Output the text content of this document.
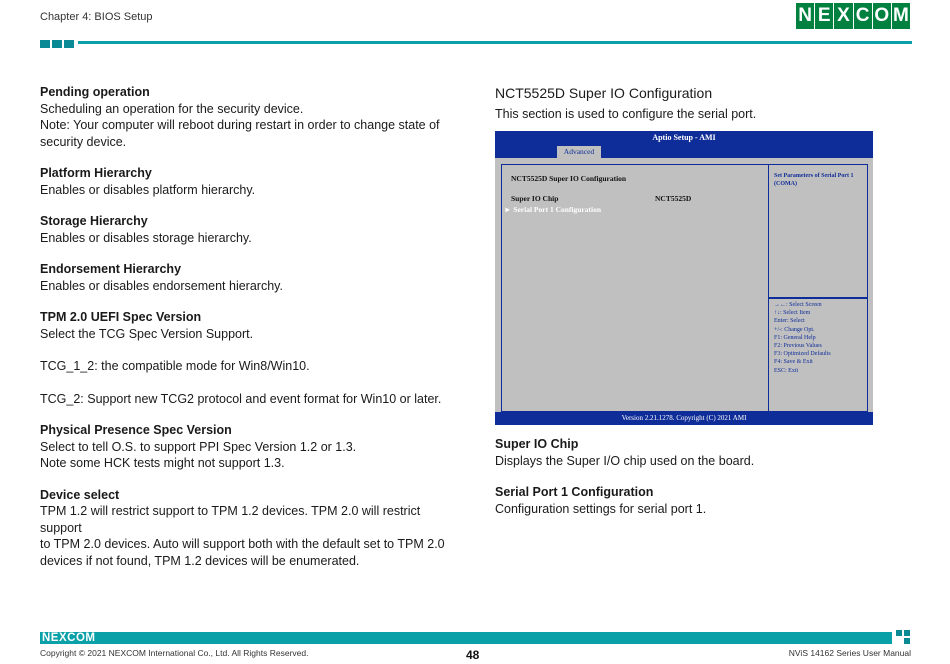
Chapter 4: BIOS Setup	N E X C O M
Pending operation
Scheduling an operation for the security device.
Note: Your computer will reboot during restart in order to change state of
security device.
Platform Hierarchy
Enables or disables platform hierarchy.
Storage Hierarchy
Enables or disables storage hierarchy.
Endorsement Hierarchy
Enables or disables endorsement hierarchy.
TPM 2.0 UEFI Spec Version
Select the TCG Spec Version Support.
TCG_1_2: the compatible mode for Win8/Win10.
TCG_2: Support new TCG2 protocol and event format for Win10 or later.
Physical Presence Spec Version
Select to tell O.S. to support PPI Spec Version 1.2 or 1.3.
Note some HCK tests might not support 1.3.
Device select
TPM 1.2 will restrict support to TPM 1.2 devices. TPM 2.0 will restrict support
to TPM 2.0 devices. Auto will support both with the default set to TPM 2.0
devices if not found, TPM 1.2 devices will be enumerated.
NCT5525D Super IO Configuration
This section is used to configure the serial port.
Aptio Setup - AMI
Advanced
NCT5525D Super IO Configuration
Super IO Chip	NCT5525D
► Serial Port 1 Configuration
Set Parameters of Serial Port 1 (COMA)
→←: Select Screen
↑↓: Select Item
Enter: Select
+/-: Change Opt.
F1: General Help
F2: Previous Values
F3: Optimized Defaults
F4: Save & Exit
ESC: Exit
Version 2.21.1278. Copyright (C) 2021 AMI
Super IO Chip
Displays the Super I/O chip used on the board.
Serial Port 1 Configuration
Configuration settings for serial port 1.
NEXCOM
Copyright © 2021 NEXCOM International Co., Ltd. All Rights Reserved.	48	NViS 14162 Series User Manual
